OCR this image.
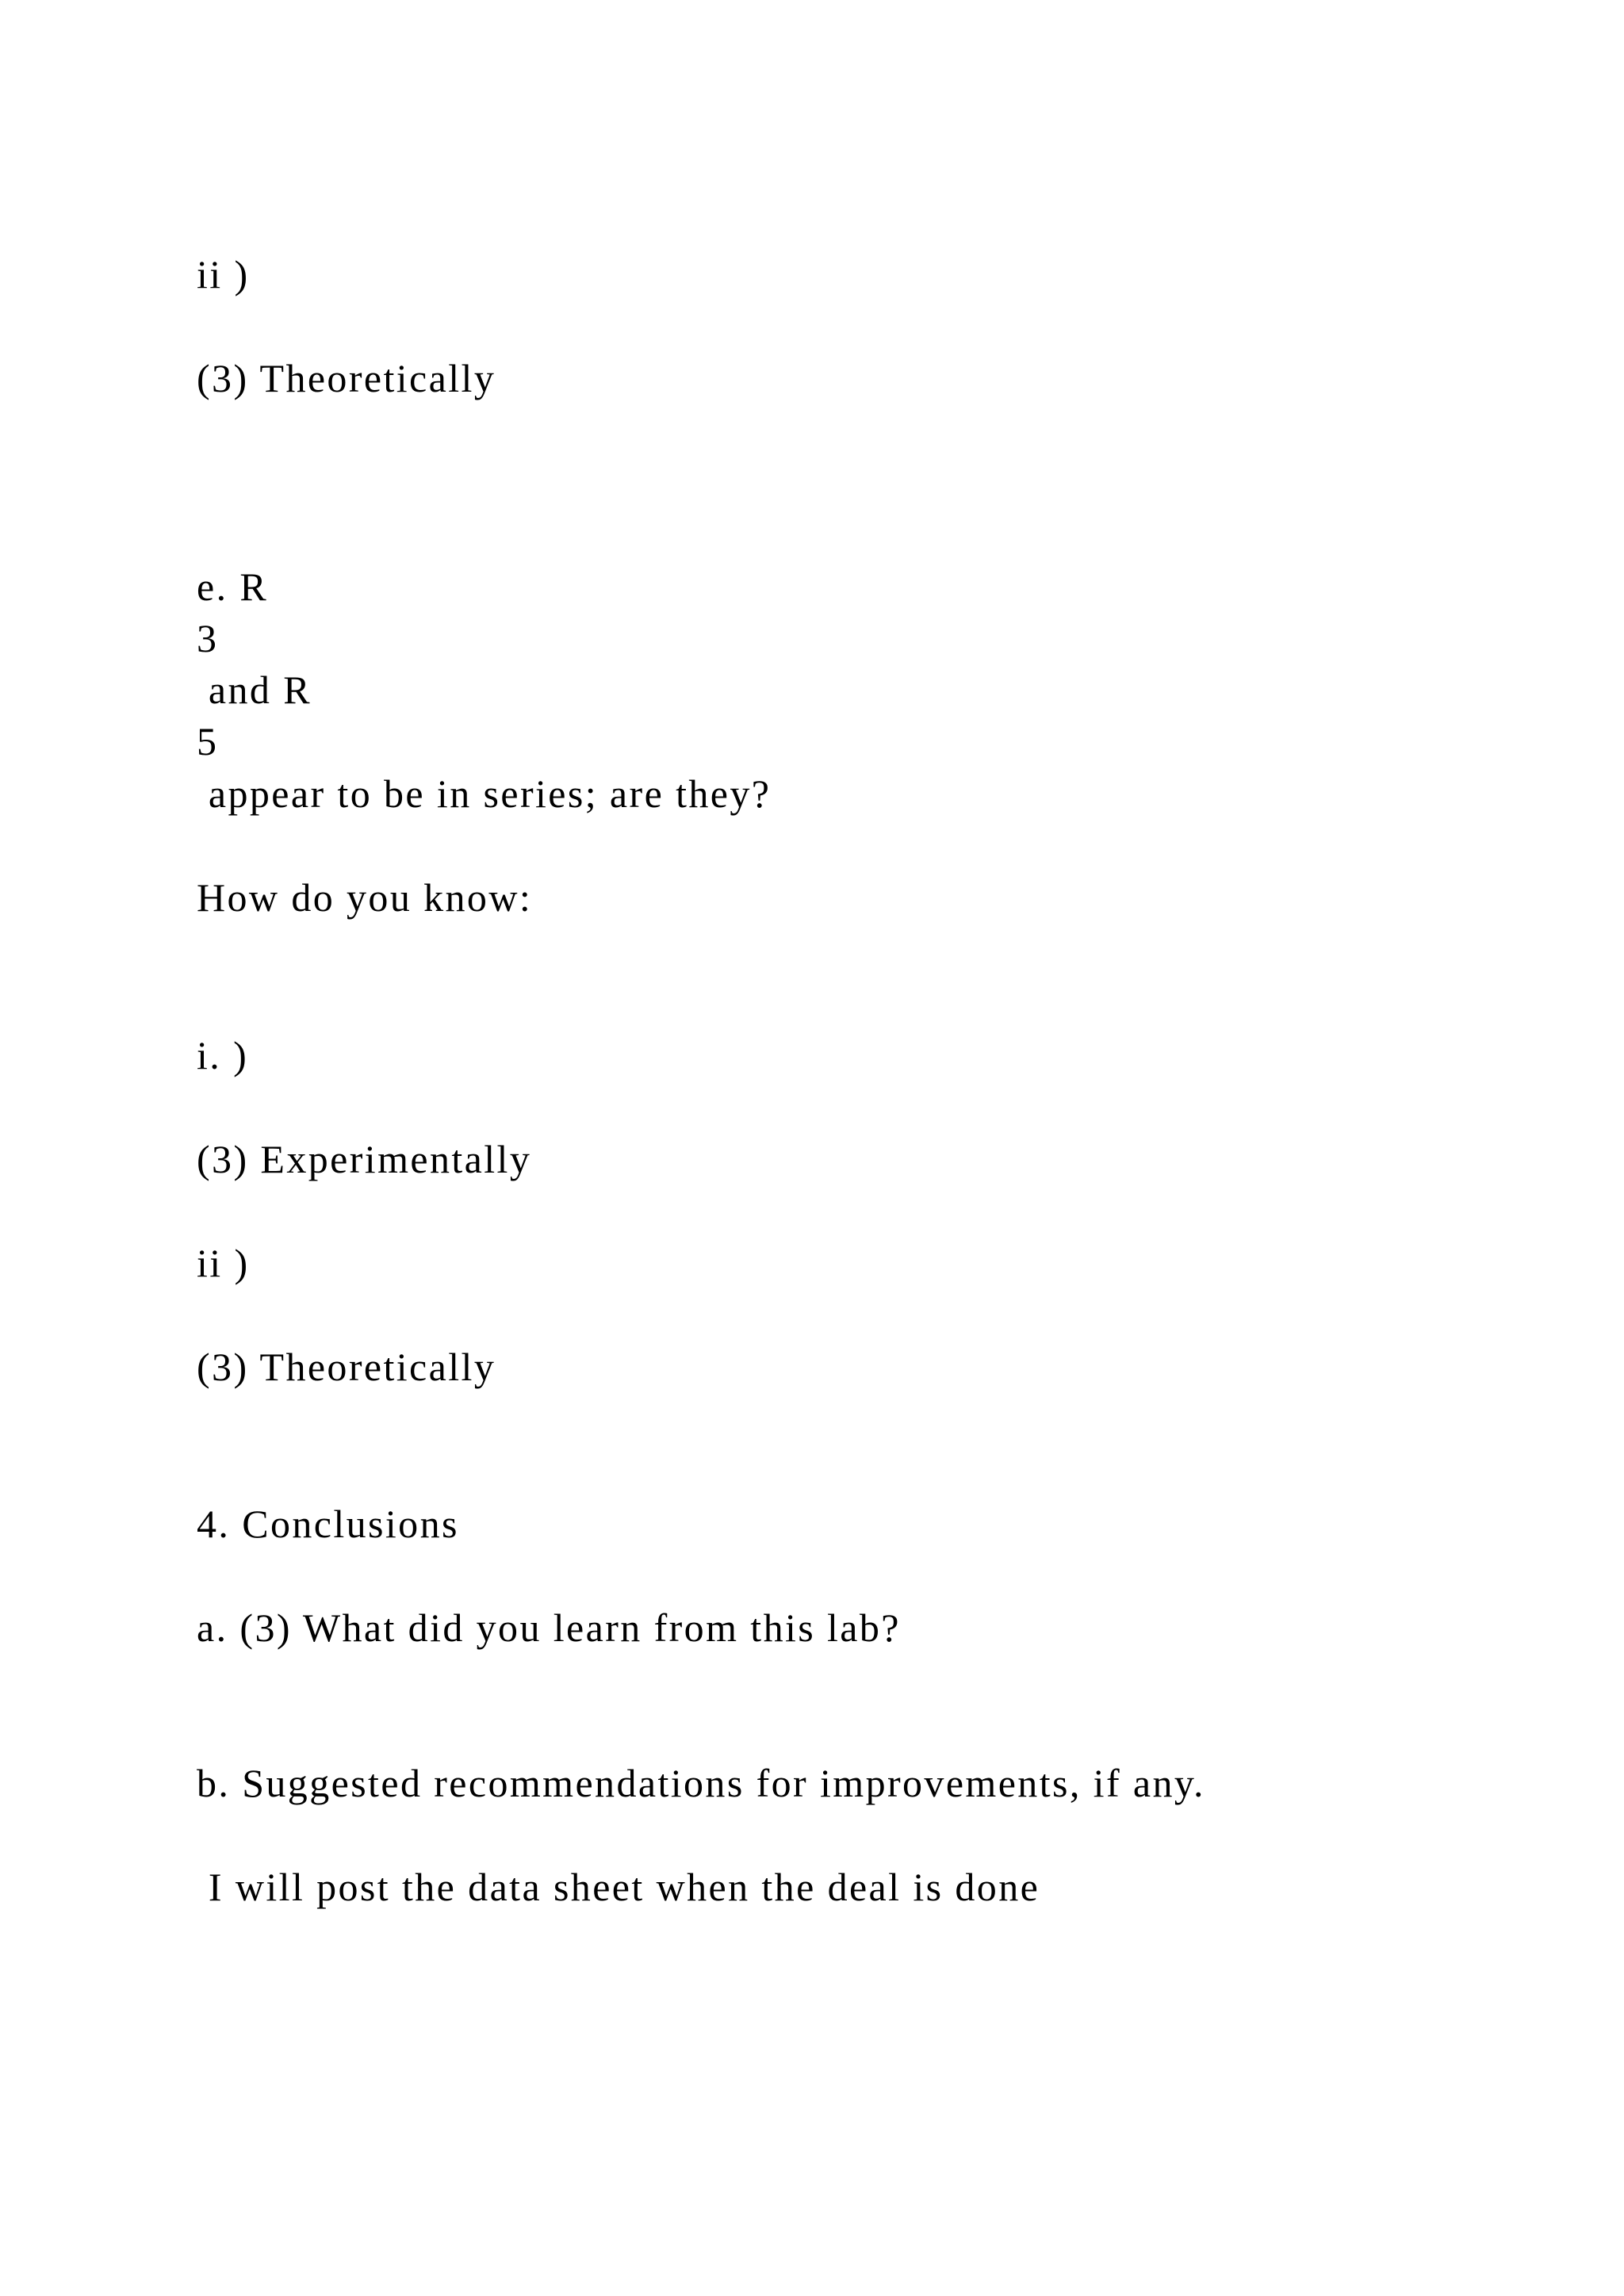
ii )

(3) Theoretically

e. R

3

and R

5

appear to be in series; are they?

How do you know:

i. )

(3) Experimentally

ii )

(3) Theoretically

4. Conclusions

a. (3) What did you learn from this lab?

b. Suggested recommendations for improvements, if any.

I will post the data sheet when the deal is done
